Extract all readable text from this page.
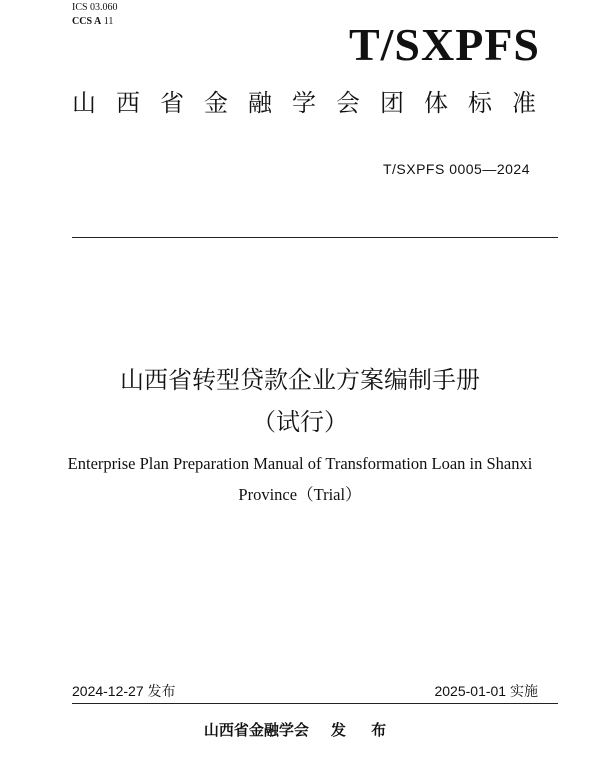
ICS 03.060
CCS A 11	T/SXPFS
山西省金融学会团体标准
T/SXPFS 0005—2024
山西省转型贷款企业方案编制手册
（试行）
Enterprise Plan Preparation Manual of Transformation Loan in Shanxi
Province（Trial）
2024-12-27 发布	2025-01-01 实施
山西省金融学会 发 布
